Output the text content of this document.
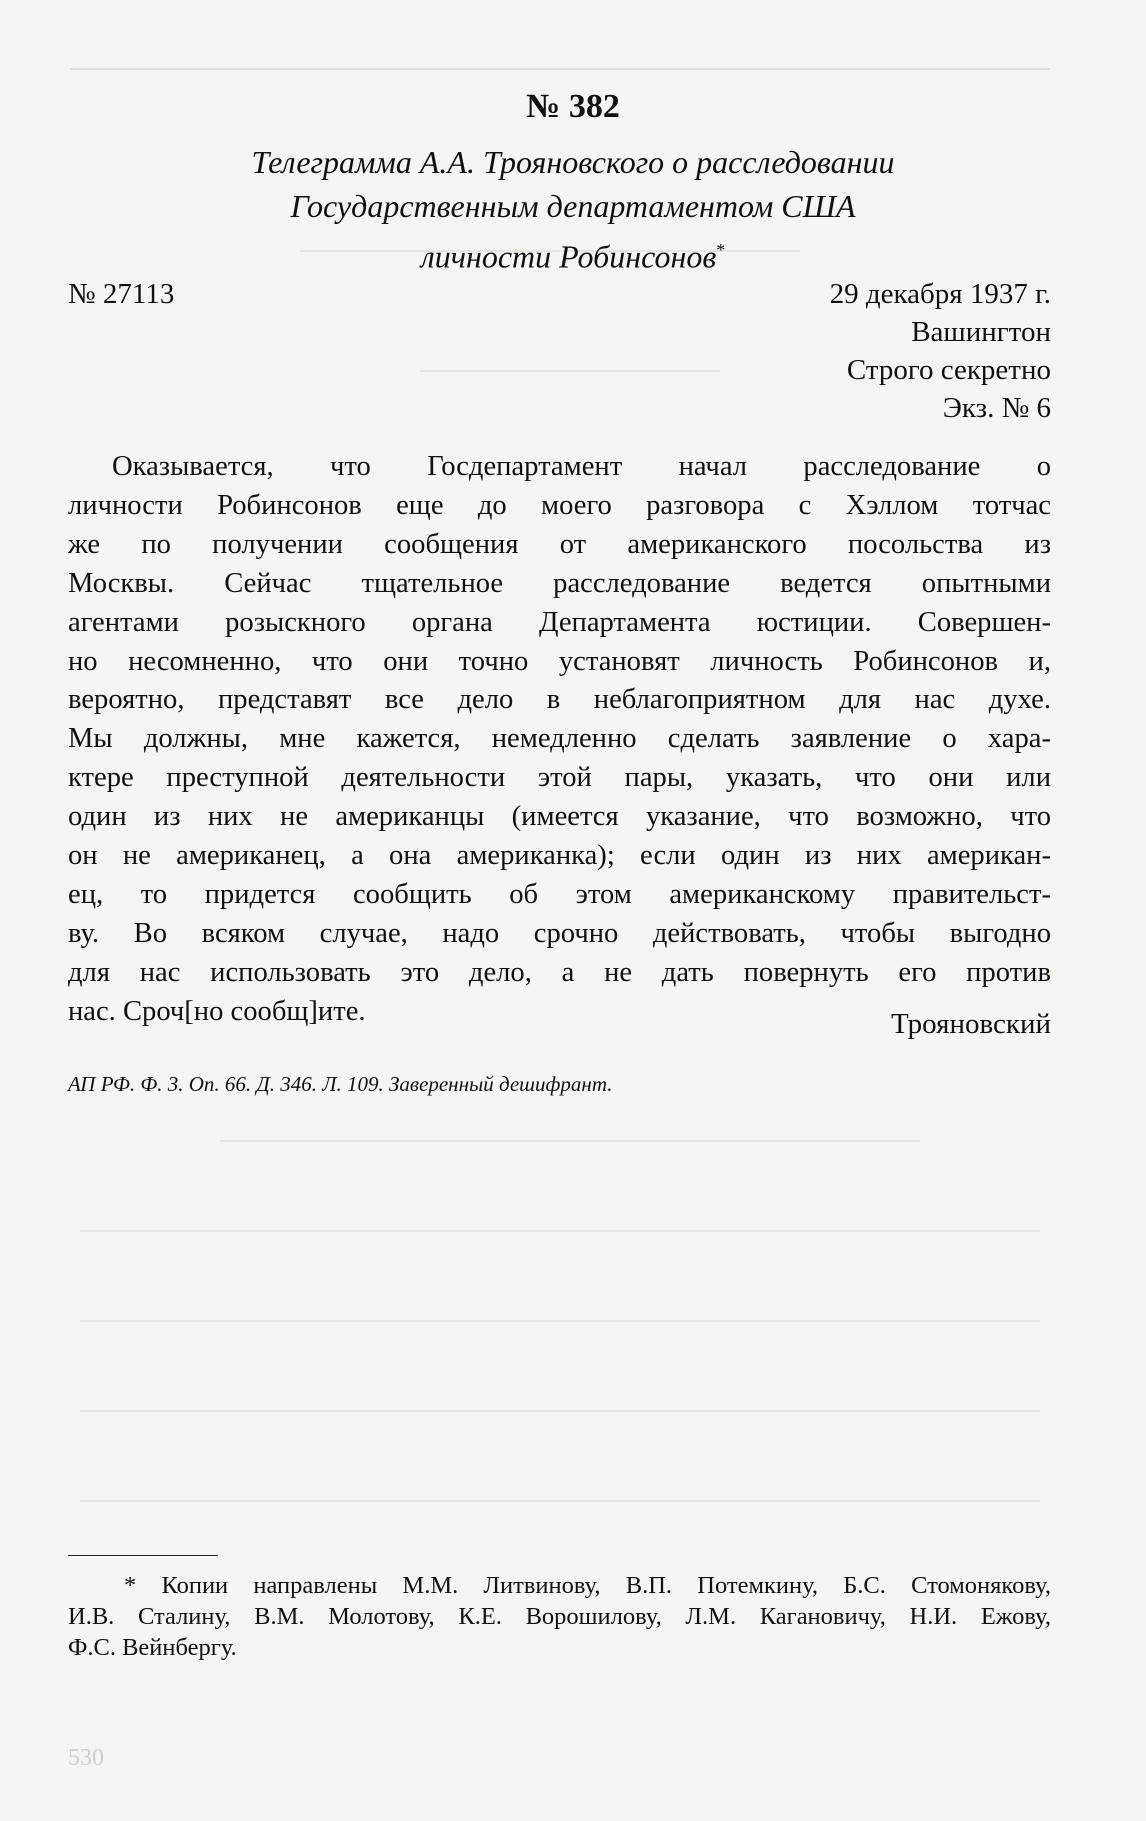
№ 382
Телеграмма А.А. Трояновского о расследовании
Государственным департаментом США
личности Робинсонов*
№ 27113	29 декабря 1937 г.
Вашингтон
Строго секретно
Экз. № 6
Оказывается, что Госдепартамент начал расследование о
личности Робинсонов еще до моего разговора с Хэллом тотчас
же по получении сообщения от американского посольства из
Москвы. Сейчас тщательное расследование ведется опытными
агентами розыскного органа Департамента юстиции. Совершен-
но несомненно, что они точно установят личность Робинсонов и,
вероятно, представят все дело в неблагоприятном для нас духе.
Мы должны, мне кажется, немедленно сделать заявление о хара-
ктере преступной деятельности этой пары, указать, что они или
один из них не американцы (имеется указание, что возможно, что
он не американец, а она американка); если один из них американ-
ец, то придется сообщить об этом американскому правительст-
ву. Во всяком случае, надо срочно действовать, чтобы выгодно
для нас использовать это дело, а не дать повернуть его против
нас. Сроч[но сообщ]ите.	Трояновский
АП РФ. Ф. 3. Оп. 66. Д. 346. Л. 109. Заверенный дешифрант.
* Копии направлены М.М. Литвинову, В.П. Потемкину, Б.С. Стомонякову,
И.В. Сталину, В.М. Молотову, К.Е. Ворошилову, Л.М. Кагановичу, Н.И. Ежову,
Ф.С. Вейнбергу.
530
